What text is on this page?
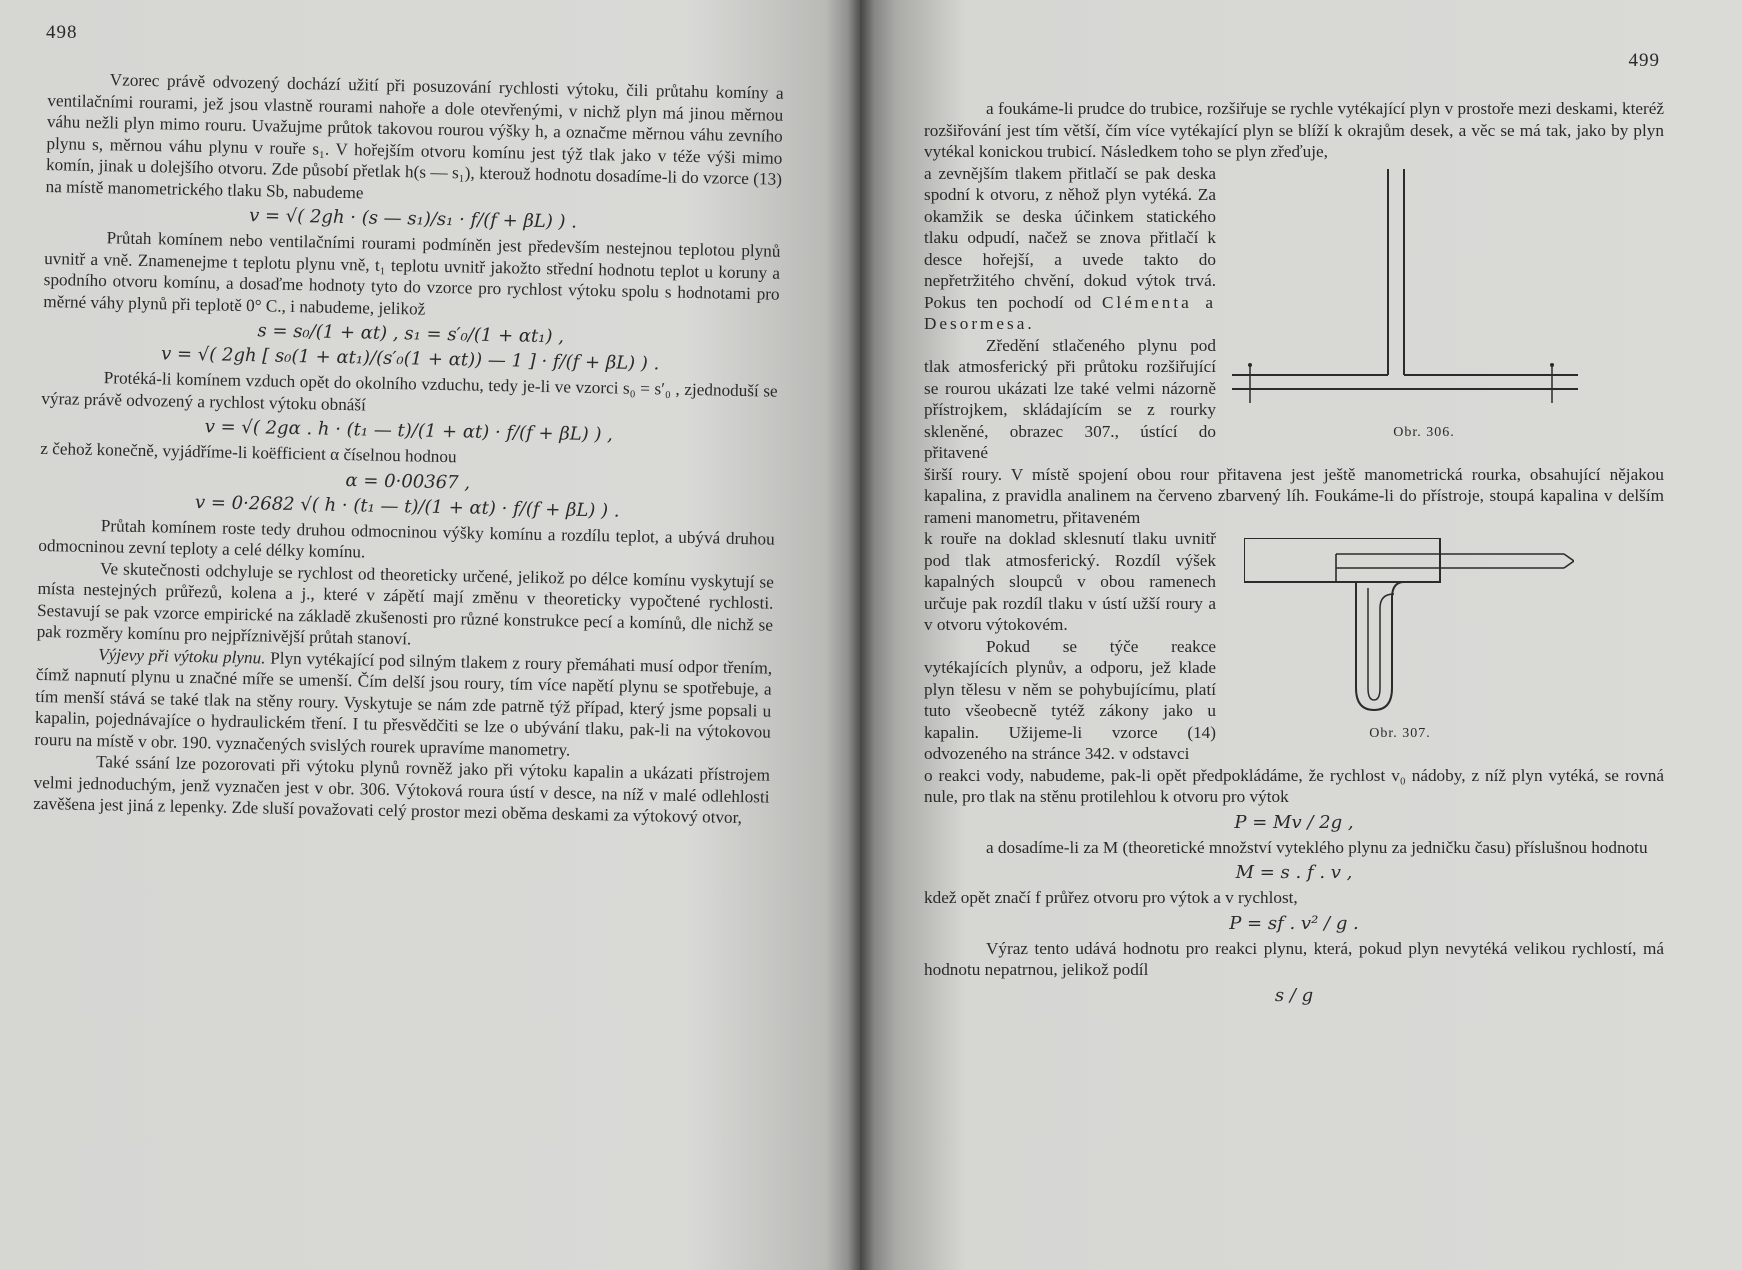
498

Vzorec právě odvozený dochází užití při posuzování rychlosti výtoku, čili průtahu komíny a ventilačními rourami, jež jsou vlastně rourami nahoře a dole otevřenými, v nichž plyn má jinou měrnou váhu nežli plyn mimo rouru. Uvažujme průtok takovou rourou výšky h, a označme měrnou váhu zevního plynu s, měrnou váhu plynu v rouře s₁. V hořejším otvoru komínu jest týž tlak jako v téže výši mimo komín, jinak u dolejšího otvoru. Zde působí přetlak h(s — s₁), kterouž hodnotu dosadíme-li do vzorce (13) na místě manometrického tlaku Sb, nabudeme

v = √( 2gh · (s — s₁)/s₁ · f/(f + βL) ) .

Průtah komínem nebo ventilačními rourami podmíněn jest především nestejnou teplotou plynů uvnitř a vně. Znamenejme t teplotu plynu vně, t₁ teplotu uvnitř jakožto střední hodnotu teplot u koruny a spodního otvoru komínu, a dosaďme hodnoty tyto do vzorce pro rychlost výtoku spolu s hodnotami pro měrné váhy plynů při teplotě 0° C., i nabudeme, jelikož

s = s₀/(1 + αt) , s₁ = s′₀/(1 + αt₁) ,
v = √( 2gh [ s₀(1 + αt₁)/(s′₀(1 + αt)) — 1 ] · f/(f + βL) ) .

Protéká-li komínem vzduch opět do okolního vzduchu, tedy je-li ve vzorci s₀ = s′₀ , zjednoduší se výraz právě odvozený a rychlost výtoku obnáší

v = √( 2gα . h · (t₁ — t)/(1 + αt) · f/(f + βL) ) ,

z čehož konečně, vyjádříme-li koëfficient α číselnou hodnou

α = 0·00367 ,
v = 0·2682 √( h · (t₁ — t)/(1 + αt) · f/(f + βL) ) .

Průtah komínem roste tedy druhou odmocninou výšky komínu a rozdílu teplot, a ubývá druhou odmocninou zevní teploty a celé délky komínu.

Ve skutečnosti odchyluje se rychlost od theoreticky určené, jelikož po délce komínu vyskytují se místa nestejných průřezů, kolena a j., které v zápětí mají změnu v theoreticky vypočtené rychlosti. Sestavují se pak vzorce empirické na základě zkušenosti pro různé konstrukce pecí a komínů, dle nichž se pak rozměry komínu pro nejpříznivější průtah stanoví.

Výjevy při výtoku plynu. Plyn vytékající pod silným tlakem z roury přemáhati musí odpor třením, čímž napnutí plynu u značné míře se umenší. Čím delší jsou roury, tím více napětí plynu se spotřebuje, a tím menší stává se také tlak na stěny roury. Vyskytuje se nám zde patrně týž případ, který jsme popsali u kapalin, pojednávajíce o hydraulickém tření. I tu přesvědčiti se lze o ubývání tlaku, pak-li na výtokovou rouru na místě v obr. 190. vyznačených svislých rourek upravíme manometry.

Také ssání lze pozorovati při výtoku plynů rovněž jako při výtoku kapalin a ukázati přístrojem velmi jednoduchým, jenž vyznačen jest v obr. 306. Výtoková roura ústí v desce, na níž v malé odlehlosti zavěšena jest jiná z lepenky. Zde sluší považovati celý prostor mezi oběma deskami za výtokový otvor,

499

a foukáme-li prudce do trubice, rozšiřuje se rychle vytékající plyn v prostoře mezi deskami, kteréž rozšiřování jest tím větší, čím více vytékající plyn se blíží k okrajům desek, a věc se má tak, jako by plyn vytékal konickou trubicí. Následkem toho se plyn zřeďuje,

a zevnějším tlakem přitlačí se pak deska spodní k otvoru, z něhož plyn vytéká. Za okamžik se deska účinkem statického tlaku odpudí, načež se znova přitlačí k desce hořejší, a uvede takto do nepřetržitého chvění, dokud výtok trvá. Pokus ten pochodí od Clémenta a Desormesa.

Zředění stlačeného plynu pod tlak atmosferický při průtoku rozšiřující se rourou ukázati lze také velmi názorně přístrojkem, skládajícím se z rourky skleněné, obrazec 307., ústící do přitavené

Obr. 306.

širší roury. V místě spojení obou rour přitavena jest ještě manometrická rourka, obsahující nějakou kapalina, z pravidla analinem na červeno zbarvený líh. Foukáme-li do přístroje, stoupá kapalina v delším rameni manometru, přitaveném

k rouře na doklad sklesnutí tlaku uvnitř pod tlak atmosferický. Rozdíl výšek kapalných sloupců v obou ramenech určuje pak rozdíl tlaku v ústí užší roury a v otvoru výtokovém.

Pokud se týče reakce vytékajících plynův, a odporu, jež klade plyn tělesu v něm se pohybujícímu, platí tuto všeobecně tytéž zákony jako u kapalin. Užijeme-li vzorce (14) odvozeného na stránce 342. v odstavci

Obr. 307.

o reakci vody, nabudeme, pak-li opět předpokládáme, že rychlost v₀ nádoby, z níž plyn vytéká, se rovná nule, pro tlak na stěnu protilehlou k otvoru pro výtok

P = Mv / 2g ,

a dosadíme-li za M (theoretické množství vyteklého plynu za jedničku času) příslušnou hodnotu

M = s . f . v ,

kdež opět značí f průřez otvoru pro výtok a v rychlost,

P = sf . v² / g .

Výraz tento udává hodnotu pro reakci plynu, která, pokud plyn nevytéká velikou rychlostí, má hodnotu nepatrnou, jelikož podíl

s / g
